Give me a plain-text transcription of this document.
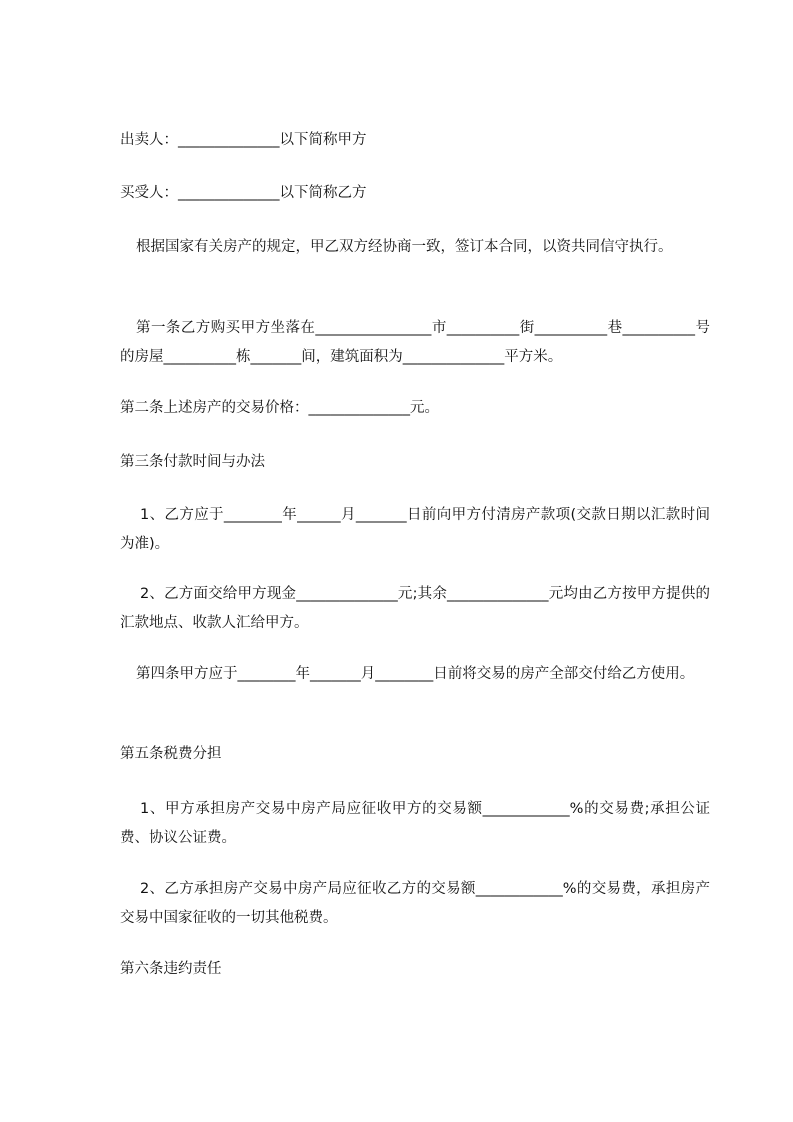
出卖人：______________以下简称甲方

买受人：______________以下简称乙方

根据国家有关房产的规定，甲乙双方经协商一致，签订本合同，以资共同信守执行。

第一条乙方购买甲方坐落在________________市__________街__________巷__________号的房屋__________栋_______间，建筑面积为______________平方米。

第二条上述房产的交易价格：______________元。

第三条付款时间与办法

1、乙方应于________年______月_______日前向甲方付清房产款项(交款日期以汇款时间为准)。

2、乙方面交给甲方现金______________元;其余______________元均由乙方按甲方提供的汇款地点、收款人汇给甲方。

第四条甲方应于________年_______月________日前将交易的房产全部交付给乙方使用。

第五条税费分担

1、甲方承担房产交易中房产局应征收甲方的交易额____________%的交易费;承担公证费、协议公证费。

2、乙方承担房产交易中房产局应征收乙方的交易额____________%的交易费，承担房产交易中国家征收的一切其他税费。

第六条违约责任
